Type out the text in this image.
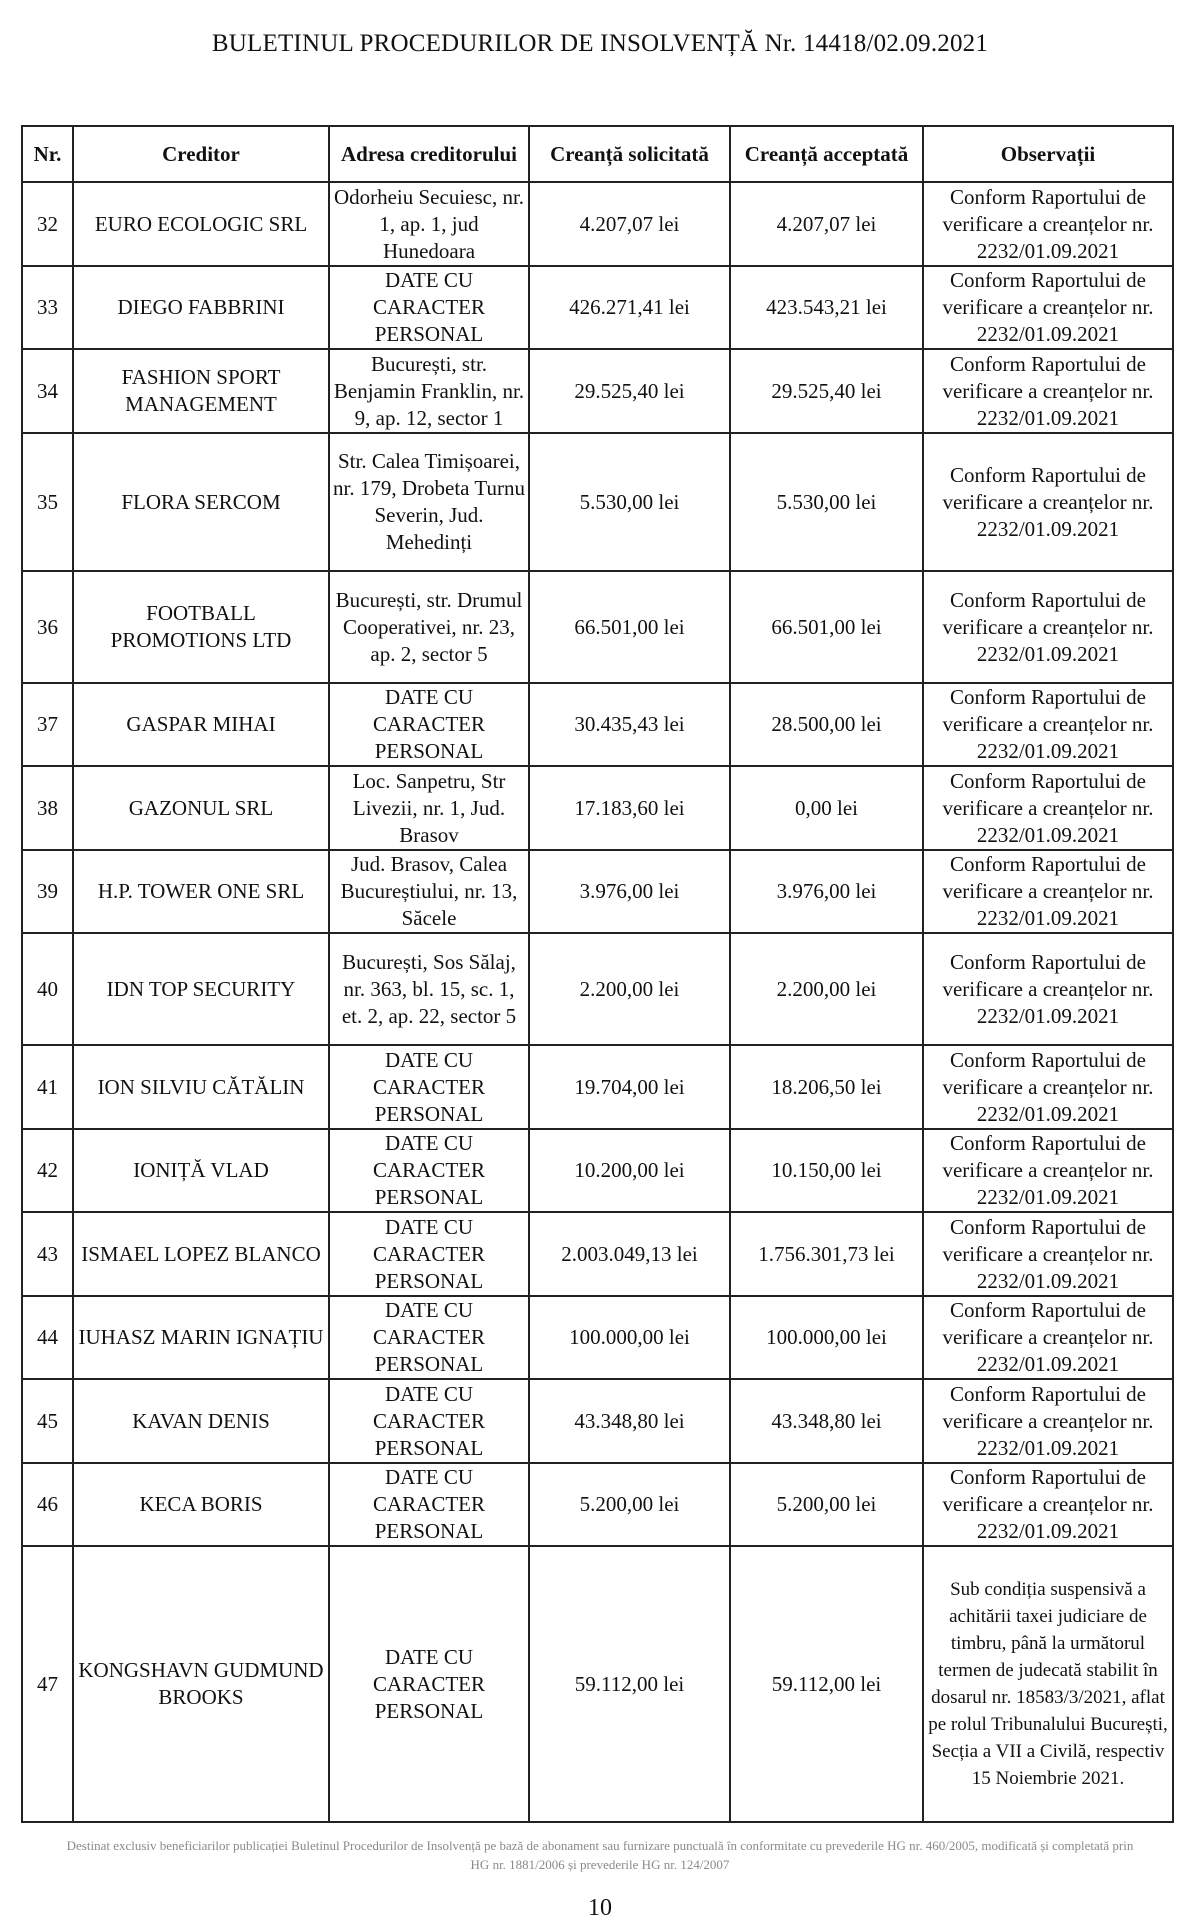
BULETINUL PROCEDURILOR DE INSOLVENȚĂ Nr. 14418/02.09.2021
Nr.	Creditor	Adresa creditorului	Creanță solicitată	Creanță acceptată	Observații
32	EURO ECOLOGIC SRL	Odorheiu Secuiesc, nr. 1, ap. 1, jud Hunedoara	4.207,07 lei	4.207,07 lei	Conform Raportului de verificare a creanțelor nr. 2232/01.09.2021
33	DIEGO FABBRINI	DATE CU CARACTER PERSONAL	426.271,41 lei	423.543,21 lei	Conform Raportului de verificare a creanțelor nr. 2232/01.09.2021
34	FASHION SPORT MANAGEMENT	București, str. Benjamin Franklin, nr. 9, ap. 12, sector 1	29.525,40 lei	29.525,40 lei	Conform Raportului de verificare a creanțelor nr. 2232/01.09.2021
35	FLORA SERCOM	Str. Calea Timișoarei, nr. 179, Drobeta Turnu Severin, Jud. Mehedinți	5.530,00 lei	5.530,00 lei	Conform Raportului de verificare a creanțelor nr. 2232/01.09.2021
36	FOOTBALL PROMOTIONS LTD	București, str. Drumul Cooperativei, nr. 23, ap. 2, sector 5	66.501,00 lei	66.501,00 lei	Conform Raportului de verificare a creanțelor nr. 2232/01.09.2021
37	GASPAR MIHAI	DATE CU CARACTER PERSONAL	30.435,43 lei	28.500,00 lei	Conform Raportului de verificare a creanțelor nr. 2232/01.09.2021
38	GAZONUL SRL	Loc. Sanpetru, Str Livezii, nr. 1, Jud. Brasov	17.183,60 lei	0,00 lei	Conform Raportului de verificare a creanțelor nr. 2232/01.09.2021
39	H.P. TOWER ONE SRL	Jud. Brasov, Calea Bucureștiului, nr. 13, Săcele	3.976,00 lei	3.976,00 lei	Conform Raportului de verificare a creanțelor nr. 2232/01.09.2021
40	IDN TOP SECURITY	București, Sos Sălaj, nr. 363, bl. 15, sc. 1, et. 2, ap. 22, sector 5	2.200,00 lei	2.200,00 lei	Conform Raportului de verificare a creanțelor nr. 2232/01.09.2021
41	ION SILVIU CĂTĂLIN	DATE CU CARACTER PERSONAL	19.704,00 lei	18.206,50 lei	Conform Raportului de verificare a creanțelor nr. 2232/01.09.2021
42	IONIȚĂ VLAD	DATE CU CARACTER PERSONAL	10.200,00 lei	10.150,00 lei	Conform Raportului de verificare a creanțelor nr. 2232/01.09.2021
43	ISMAEL LOPEZ BLANCO	DATE CU CARACTER PERSONAL	2.003.049,13 lei	1.756.301,73 lei	Conform Raportului de verificare a creanțelor nr. 2232/01.09.2021
44	IUHASZ MARIN IGNAȚIU	DATE CU CARACTER PERSONAL	100.000,00 lei	100.000,00 lei	Conform Raportului de verificare a creanțelor nr. 2232/01.09.2021
45	KAVAN DENIS	DATE CU CARACTER PERSONAL	43.348,80 lei	43.348,80 lei	Conform Raportului de verificare a creanțelor nr. 2232/01.09.2021
46	KECA BORIS	DATE CU CARACTER PERSONAL	5.200,00 lei	5.200,00 lei	Conform Raportului de verificare a creanțelor nr. 2232/01.09.2021
47	KONGSHAVN GUDMUND BROOKS	DATE CU CARACTER PERSONAL	59.112,00 lei	59.112,00 lei	Sub condiția suspensivă a achitării taxei judiciare de timbru, până la următorul termen de judecată stabilit în dosarul nr. 18583/3/2021, aflat pe rolul Tribunalului București, Secția a VII a Civilă, respectiv 15 Noiembrie 2021.
Destinat exclusiv beneficiarilor publicației Buletinul Procedurilor de Insolvență pe bază de abonament sau furnizare punctuală în conformitate cu prevederile HG nr. 460/2005, modificată și completată prin HG nr. 1881/2006 și prevederile HG nr. 124/2007
10
